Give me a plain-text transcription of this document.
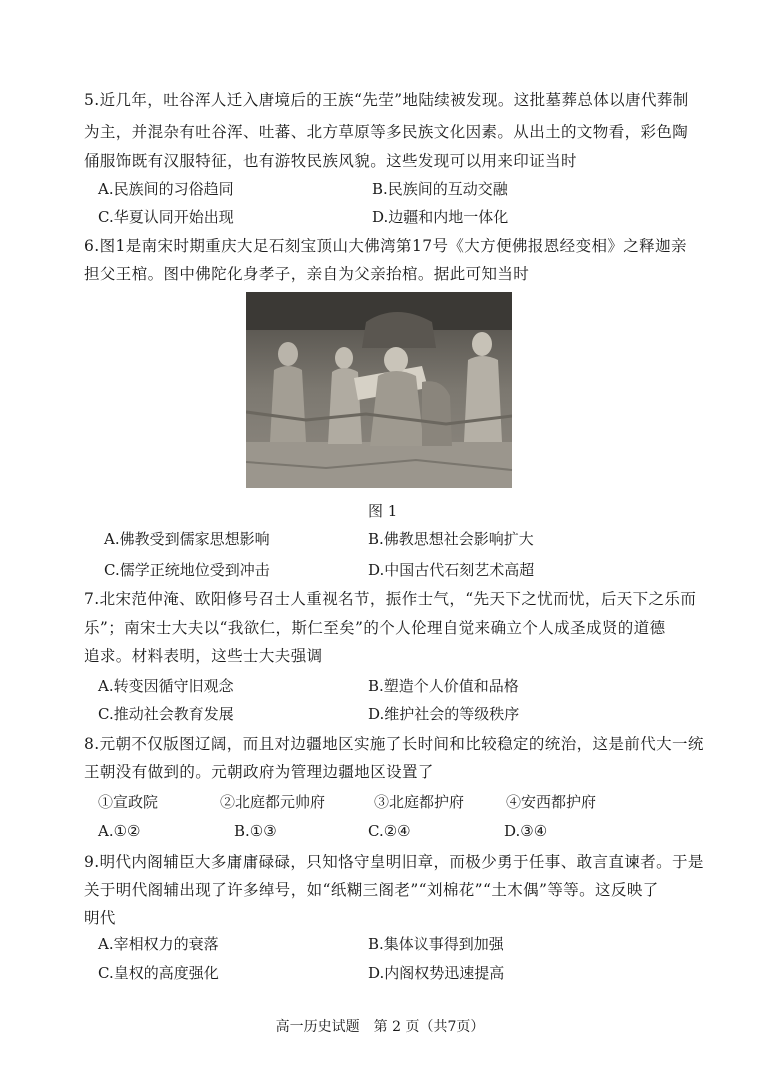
5.近几年，吐谷浑人迁入唐境后的王族“先茔”地陆续被发现。这批墓葬总体以唐代葬制
为主，并混杂有吐谷浑、吐蕃、北方草原等多民族文化因素。从出土的文物看，彩色陶
俑服饰既有汉服特征，也有游牧民族风貌。这些发现可以用来印证当时
A.民族间的习俗趋同	B.民族间的互动交融
C.华夏认同开始出现	D.边疆和内地一体化
6.图1是南宋时期重庆大足石刻宝顶山大佛湾第17号《大方便佛报恩经变相》之释迦亲
担父王棺。图中佛陀化身孝子，亲自为父亲抬棺。据此可知当时
图 1
A.佛教受到儒家思想影响	B.佛教思想社会影响扩大
C.儒学正统地位受到冲击	D.中国古代石刻艺术高超
7.北宋范仲淹、欧阳修号召士人重视名节，振作士气，“先天下之忧而忧，后天下之乐而
乐”；南宋士大夫以“我欲仁，斯仁至矣”的个人伦理自觉来确立个人成圣成贤的道德
追求。材料表明，这些士大夫强调
A.转变因循守旧观念	B.塑造个人价值和品格
C.推动社会教育发展	D.维护社会的等级秩序
8.元朝不仅版图辽阔，而且对边疆地区实施了长时间和比较稳定的统治，这是前代大一统
王朝没有做到的。元朝政府为管理边疆地区设置了
①宣政院	②北庭都元帅府	③北庭都护府	④安西都护府
A.①②	B.①③	C.②④	D.③④
9.明代内阁辅臣大多庸庸碌碌，只知恪守皇明旧章，而极少勇于任事、敢言直谏者。于是
关于明代阁辅出现了许多绰号，如“纸糊三阁老”“刘棉花”“土木偶”等等。这反映了
明代
A.宰相权力的衰落	B.集体议事得到加强
C.皇权的高度强化	D.内阁权势迅速提高
高一历史试题　第 2 页（共7页）
